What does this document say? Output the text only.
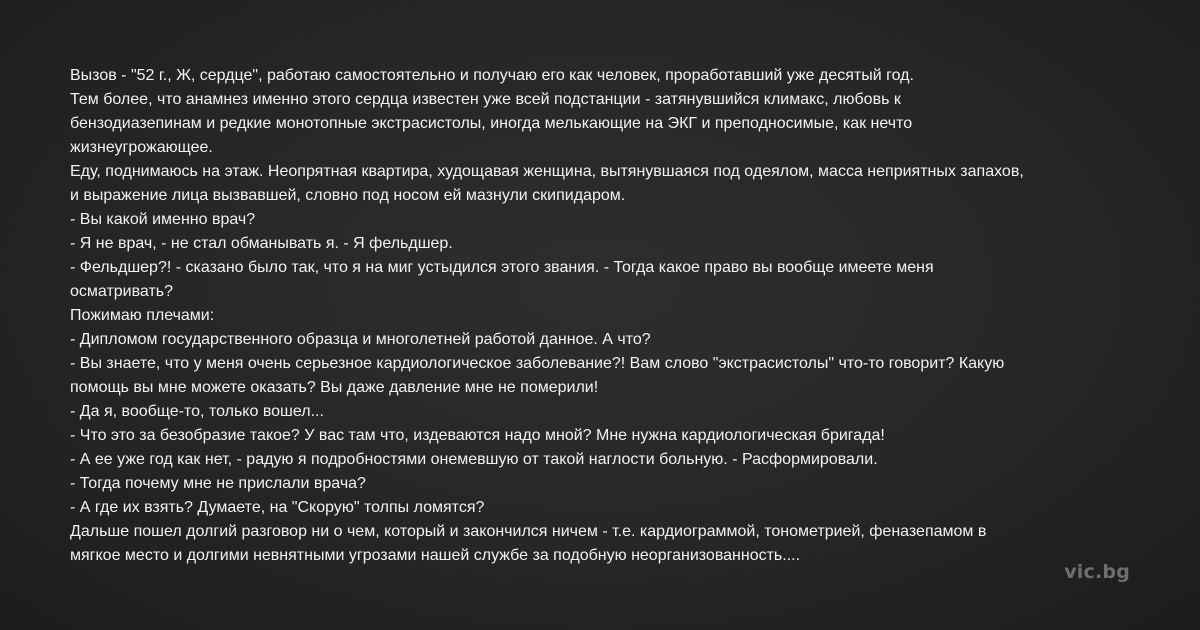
Вызов - "52 г., Ж, сердце", работаю самостоятельно и получаю его как человек, проработавший уже десятый год.
Тем более, что анамнез именно этого сердца известен уже всей подстанции - затянувшийся климакс, любовь к
бензодиазепинам и редкие монотопные экстрасистолы, иногда мелькающие на ЭКГ и преподносимые, как нечто
жизнеугрожающее.
Еду, поднимаюсь на этаж. Неопрятная квартира, худощавая женщина, вытянувшаяся под одеялом, масса неприятных запахов,
и выражение лица вызвавшей, словно под носом ей мазнули скипидаром.
- Вы какой именно врач?
- Я не врач, - не стал обманывать я. - Я фельдшер.
- Фельдшер?! - сказано было так, что я на миг устыдился этого звания. - Тогда какое право вы вообще имеете меня
осматривать?
Пожимаю плечами:
- Дипломом государственного образца и многолетней работой данное. А что?
- Вы знаете, что у меня очень серьезное кардиологическое заболевание?! Вам слово "экстрасистолы" что-то говорит? Какую
помощь вы мне можете оказать? Вы даже давление мне не померили!
- Да я, вообще-то, только вошел...
- Что это за безобразие такое? У вас там что, издеваются надо мной? Мне нужна кардиологическая бригада!
- А ее уже год как нет, - радую я подробностями онемевшую от такой наглости больную. - Расформировали.
- Тогда почему мне не прислали врача?
- А где их взять? Думаете, на "Скорую" толпы ломятся?
Дальше пошел долгий разговор ни о чем, который и закончился ничем - т.е. кардиограммой, тонометрией, феназепамом в
мягкое место и долгими невнятными угрозами нашей службе за подобную неорганизованность....
vic.bg
